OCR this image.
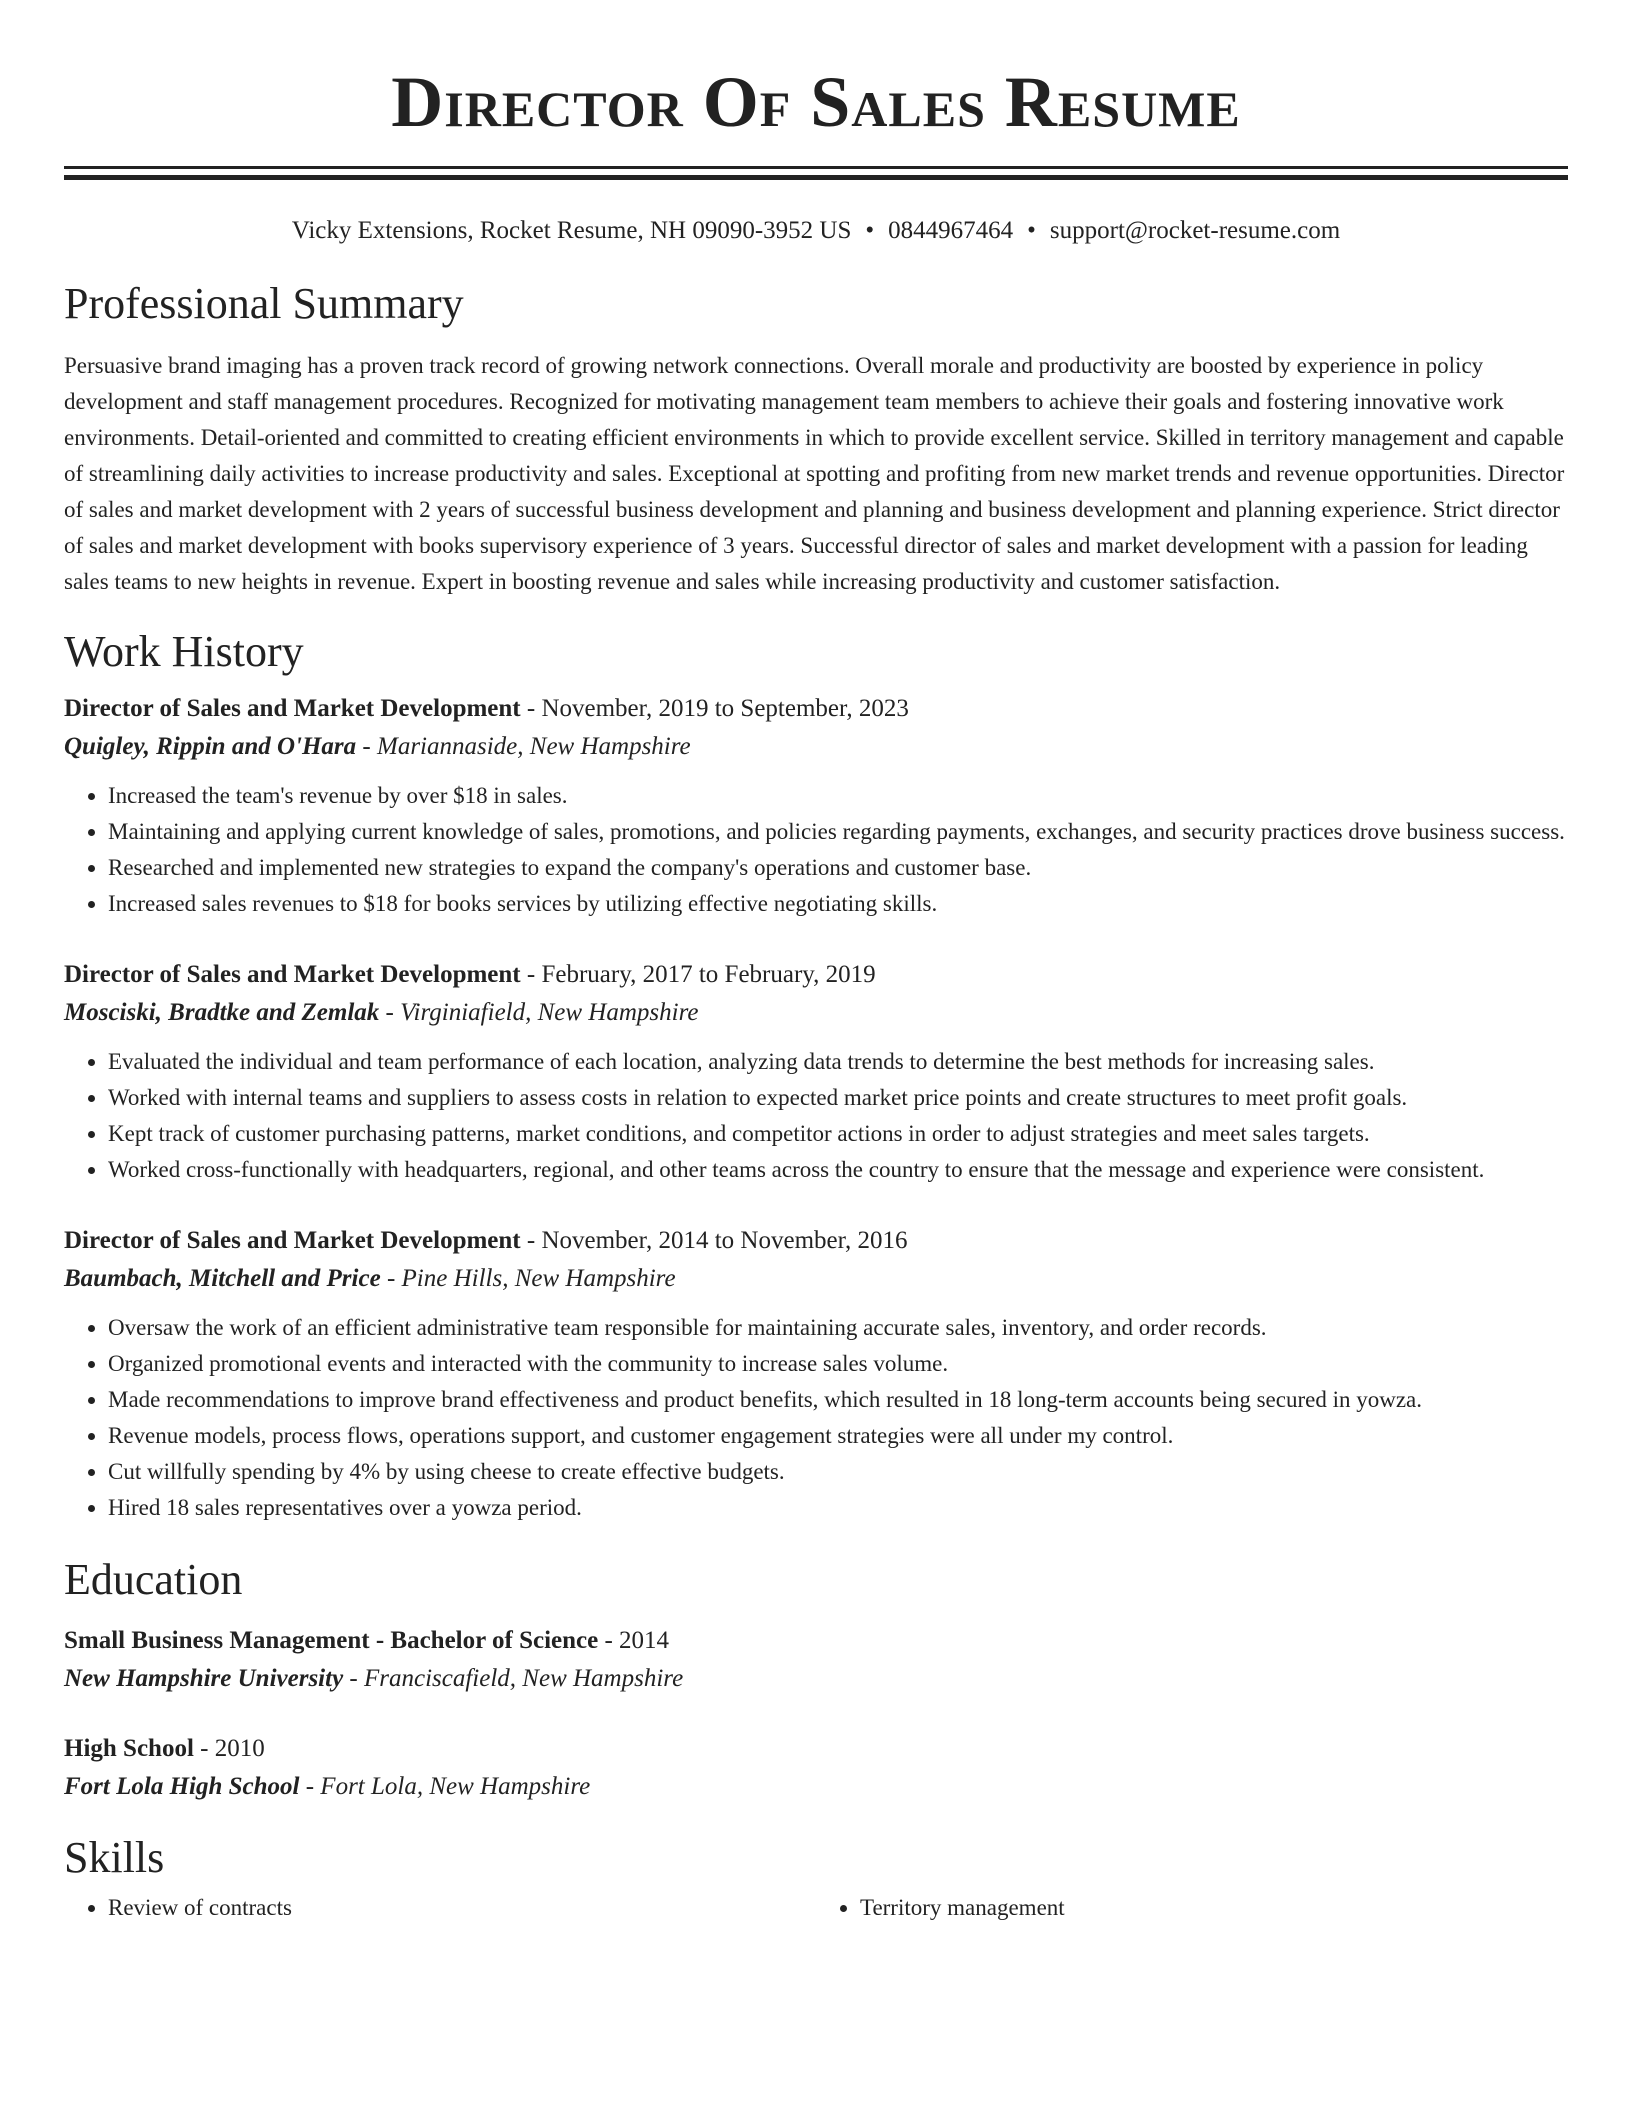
Director Of Sales Resume
Vicky Extensions, Rocket Resume, NH 09090-3952 US • 0844967464 • support@rocket-resume.com
Professional Summary

Persuasive brand imaging has a proven track record of growing network connections. Overall morale and productivity are boosted by experience in policy development and staff management procedures. Recognized for motivating management team members to achieve their goals and fostering innovative work environments. Detail-oriented and committed to creating efficient environments in which to provide excellent service. Skilled in territory management and capable of streamlining daily activities to increase productivity and sales. Exceptional at spotting and profiting from new market trends and revenue opportunities. Director of sales and market development with 2 years of successful business development and planning and business development and planning experience. Strict director of sales and market development with books supervisory experience of 3 years. Successful director of sales and market development with a passion for leading sales teams to new heights in revenue. Expert in boosting revenue and sales while increasing productivity and customer satisfaction.

Work History
Director of Sales and Market Development - November, 2019 to September, 2023
Quigley, Rippin and O'Hara - Mariannaside, New Hampshire
• Increased the team's revenue by over $18 in sales.
• Maintaining and applying current knowledge of sales, promotions, and policies regarding payments, exchanges, and security practices drove business success.
• Researched and implemented new strategies to expand the company's operations and customer base.
• Increased sales revenues to $18 for books services by utilizing effective negotiating skills.
Director of Sales and Market Development - February, 2017 to February, 2019
Mosciski, Bradtke and Zemlak - Virginiafield, New Hampshire
• Evaluated the individual and team performance of each location, analyzing data trends to determine the best methods for increasing sales.
• Worked with internal teams and suppliers to assess costs in relation to expected market price points and create structures to meet profit goals.
• Kept track of customer purchasing patterns, market conditions, and competitor actions in order to adjust strategies and meet sales targets.
• Worked cross-functionally with headquarters, regional, and other teams across the country to ensure that the message and experience were consistent.
Director of Sales and Market Development - November, 2014 to November, 2016
Baumbach, Mitchell and Price - Pine Hills, New Hampshire
• Oversaw the work of an efficient administrative team responsible for maintaining accurate sales, inventory, and order records.
• Organized promotional events and interacted with the community to increase sales volume.
• Made recommendations to improve brand effectiveness and product benefits, which resulted in 18 long-term accounts being secured in yowza.
• Revenue models, process flows, operations support, and customer engagement strategies were all under my control.
• Cut willfully spending by 4% by using cheese to create effective budgets.
• Hired 18 sales representatives over a yowza period.
Education
Small Business Management - Bachelor of Science - 2014
New Hampshire University - Franciscafield, New Hampshire
High School - 2010
Fort Lola High School - Fort Lola, New Hampshire
Skills
• Review of contracts
•	Territory management
